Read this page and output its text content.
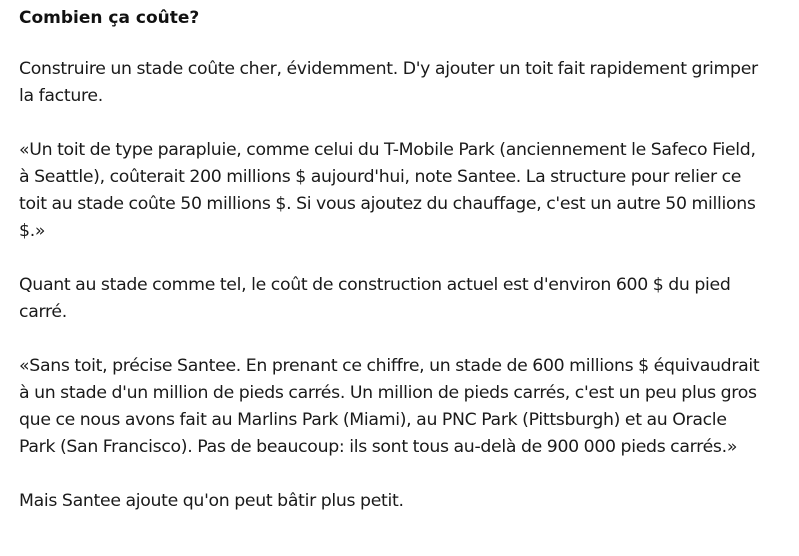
Combien ça coûte?

Construire un stade coûte cher, évidemment. D'y ajouter un toit fait rapidement grimper la facture.

«Un toit de type parapluie, comme celui du T-Mobile Park (anciennement le Safeco Field, à Seattle), coûterait 200 millions $ aujourd'hui, note Santee. La structure pour relier ce toit au stade coûte 50 millions $. Si vous ajoutez du chauffage, c'est un autre 50 millions $.»

Quant au stade comme tel, le coût de construction actuel est d'environ 600 $ du pied carré.

«Sans toit, précise Santee. En prenant ce chiffre, un stade de 600 millions $ équivaudrait à un stade d'un million de pieds carrés. Un million de pieds carrés, c'est un peu plus gros que ce nous avons fait au Marlins Park (Miami), au PNC Park (Pittsburgh) et au Oracle Park (San Francisco). Pas de beaucoup: ils sont tous au-delà de 900 000 pieds carrés.»

Mais Santee ajoute qu'on peut bâtir plus petit.
